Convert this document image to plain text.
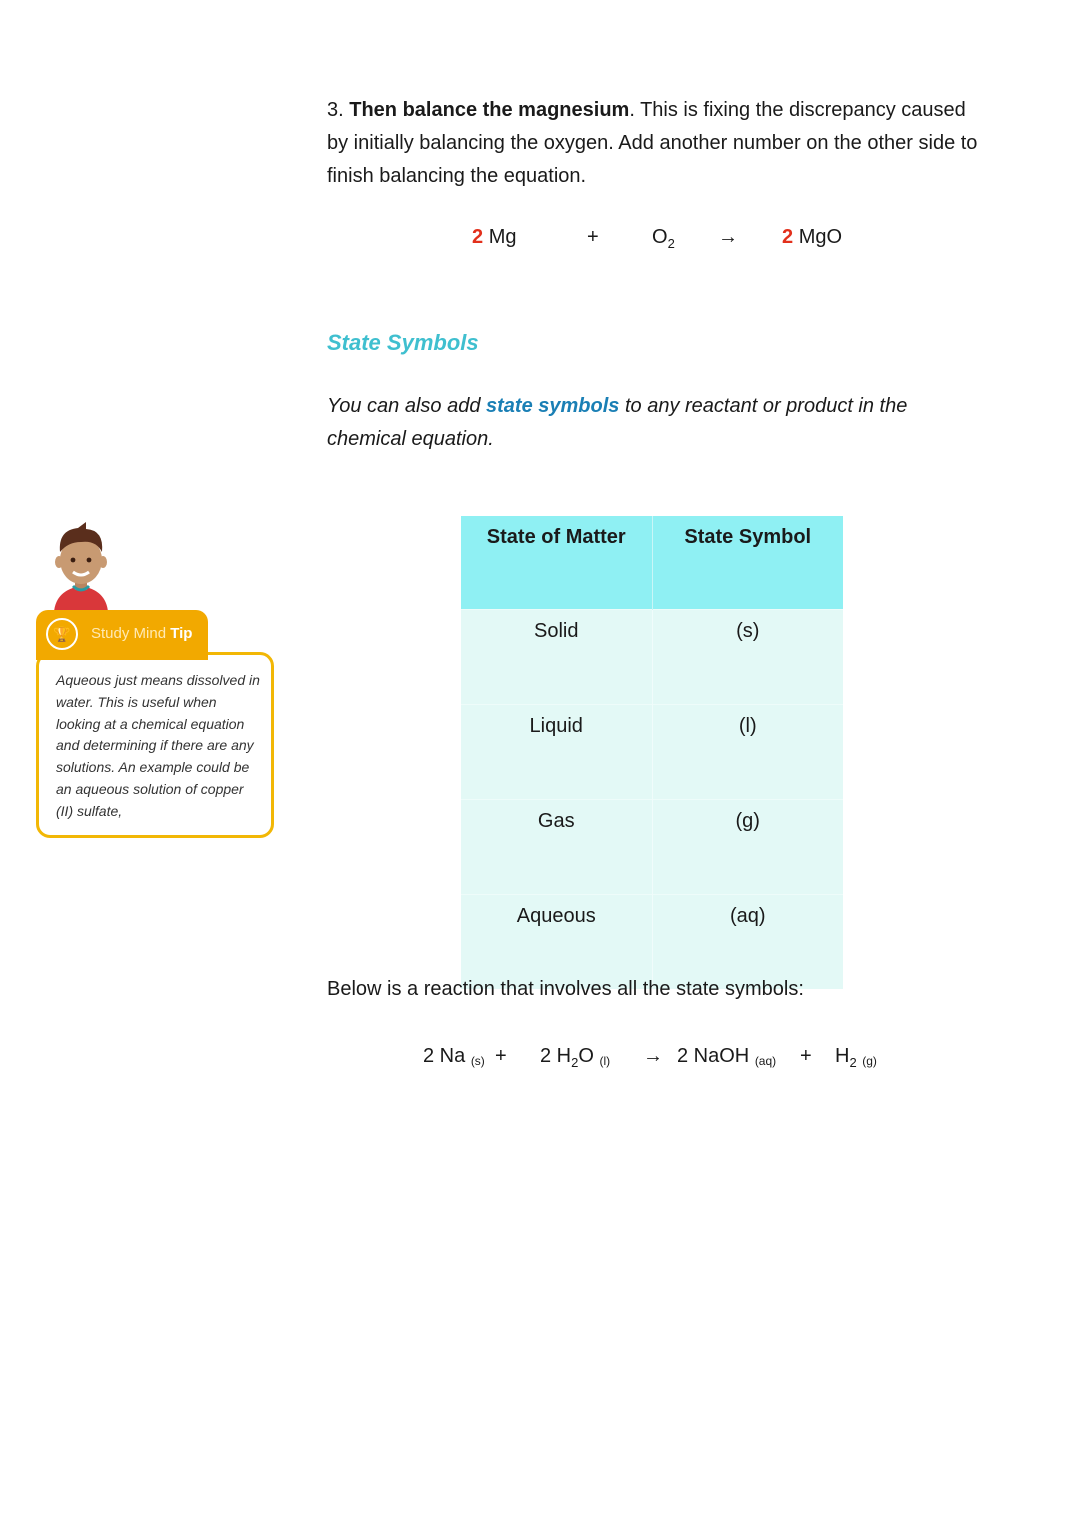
3. Then balance the magnesium. This is fixing the discrepancy caused by initially balancing the oxygen. Add another number on the other side to finish balancing the equation.
2 Mg	+	$O_2 \to 2$ MgO
State Symbols
You can also add state symbols to any reactant or product in the chemical equation.
State of Matter	State Symbol
Solid	(s)
Liquid	(l)
Gas	(g)
Aqueous	(aq)
Below is a reaction that involves all the state symbols:
2 Na (s) + 2 $H_2O$ (l) → 2 NaOH $(aq) + H_2$ (g)
🏆	Study Mind Tip
Aqueous just means dissolved in water. This is useful when looking at a chemical equation and determining if there are any solutions. An example could be an aqueous solution of copper (II) sulfate,
